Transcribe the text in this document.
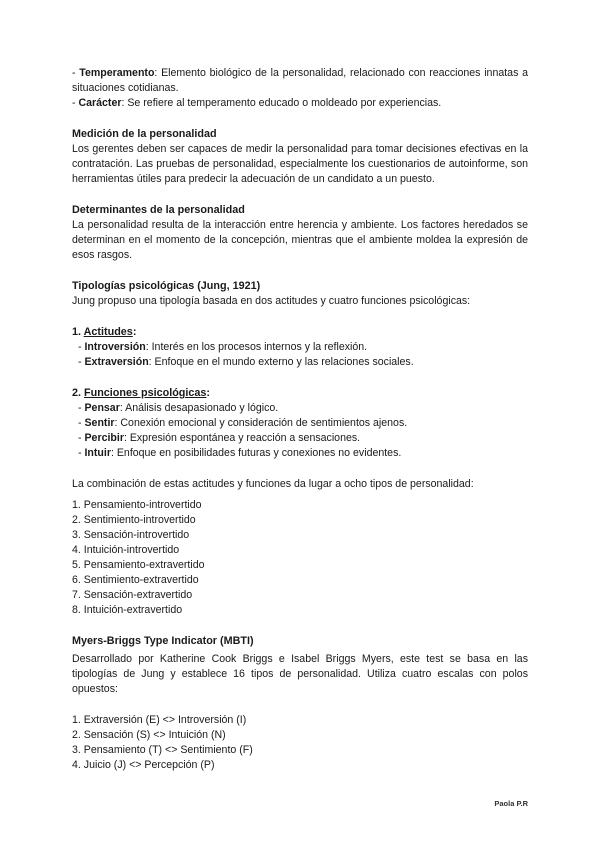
- Temperamento: Elemento biológico de la personalidad, relacionado con reacciones innatas a situaciones cotidianas.

- Carácter: Se refiere al temperamento educado o moldeado por experiencias.

Medición de la personalidad

Los gerentes deben ser capaces de medir la personalidad para tomar decisiones efectivas en la contratación. Las pruebas de personalidad, especialmente los cuestionarios de autoinforme, son herramientas útiles para predecir la adecuación de un candidato a un puesto.

Determinantes de la personalidad

La personalidad resulta de la interacción entre herencia y ambiente. Los factores heredados se determinan en el momento de la concepción, mientras que el ambiente moldea la expresión de esos rasgos.

Tipologías psicológicas (Jung, 1921)

Jung propuso una tipología basada en dos actitudes y cuatro funciones psicológicas:

1. Actitudes:

- Introversión: Interés en los procesos internos y la reflexión.

- Extraversión: Enfoque en el mundo externo y las relaciones sociales.

2. Funciones psicológicas:

- Pensar: Análisis desapasionado y lógico.

- Sentir: Conexión emocional y consideración de sentimientos ajenos.

- Percibir: Expresión espontánea y reacción a sensaciones.

- Intuir: Enfoque en posibilidades futuras y conexiones no evidentes.

La combinación de estas actitudes y funciones da lugar a ocho tipos de personalidad:

1. Pensamiento-introvertido

2. Sentimiento-introvertido

3. Sensación-introvertido

4. Intuición-introvertido

5. Pensamiento-extravertido

6. Sentimiento-extravertido

7. Sensación-extravertido

8. Intuición-extravertido

Myers-Briggs Type Indicator (MBTI)

Desarrollado por Katherine Cook Briggs e Isabel Briggs Myers, este test se basa en las tipologías de Jung y establece 16 tipos de personalidad. Utiliza cuatro escalas con polos opuestos:

1. Extraversión (E) <> Introversión (I)

2. Sensación (S) <> Intuición (N)

3. Pensamiento (T) <> Sentimiento (F)

4. Juicio (J) <> Percepción (P)

Paola P.R
